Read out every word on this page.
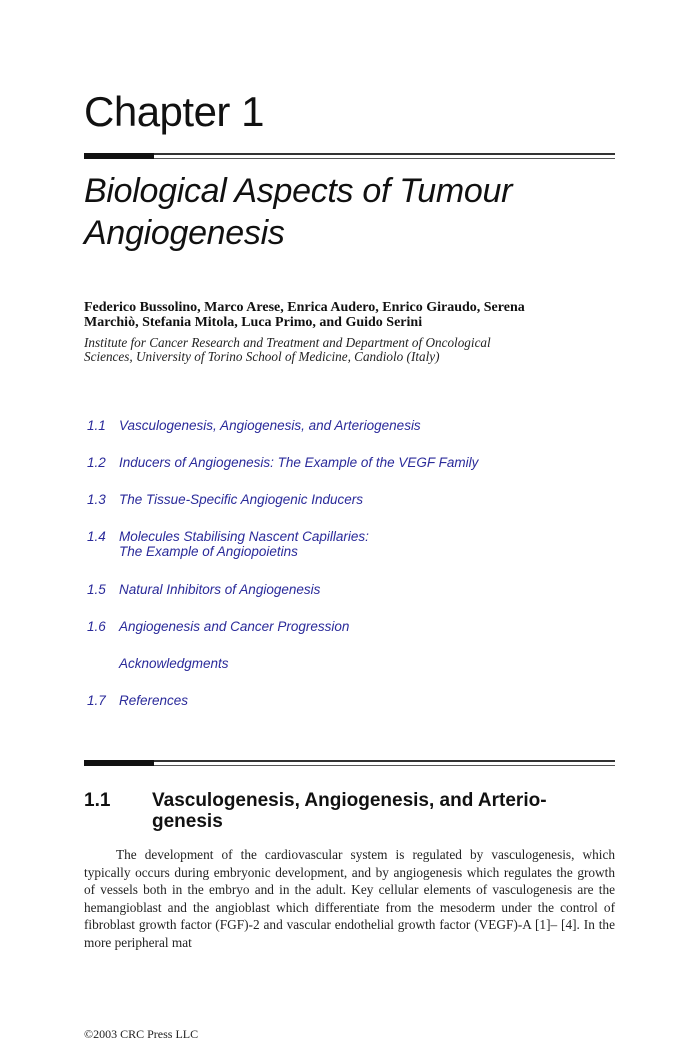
Chapter 1
Biological Aspects of Tumour
Angiogenesis
Federico Bussolino, Marco Arese, Enrica Audero, Enrico Giraudo, Serena
Marchiò, Stefania Mitola, Luca Primo, and Guido Serini
Institute for Cancer Research and Treatment and Department of Oncological
Sciences, University of Torino School of Medicine, Candiolo (Italy)
1.1 Vasculogenesis, Angiogenesis, and Arteriogenesis
1.2 Inducers of Angiogenesis: The Example of the VEGF Family
1.3 The Tissue-Specific Angiogenic Inducers
1.4 Molecules Stabilising Nascent Capillaries:
The Example of Angiopoietins
1.5 Natural Inhibitors of Angiogenesis
1.6 Angiogenesis and Cancer Progression
Acknowledgments
1.7 References
1.1 Vasculogenesis, Angiogenesis, and Arterio-
genesis
The development of the cardiovascular system is regulated by vasculogenesis, which typically occurs during embryonic development, and by angiogenesis which regulates the growth of vessels both in the embryo and in the adult. Key cellular elements of vasculogenesis are the hemangioblast and the angioblast which differentiate from the mesoderm under the control of fibroblast growth factor (FGF)-2 and vascular endothelial growth factor (VEGF)-A [1]– [4]. In the more peripheral mat
©2003 CRC Press LLC
